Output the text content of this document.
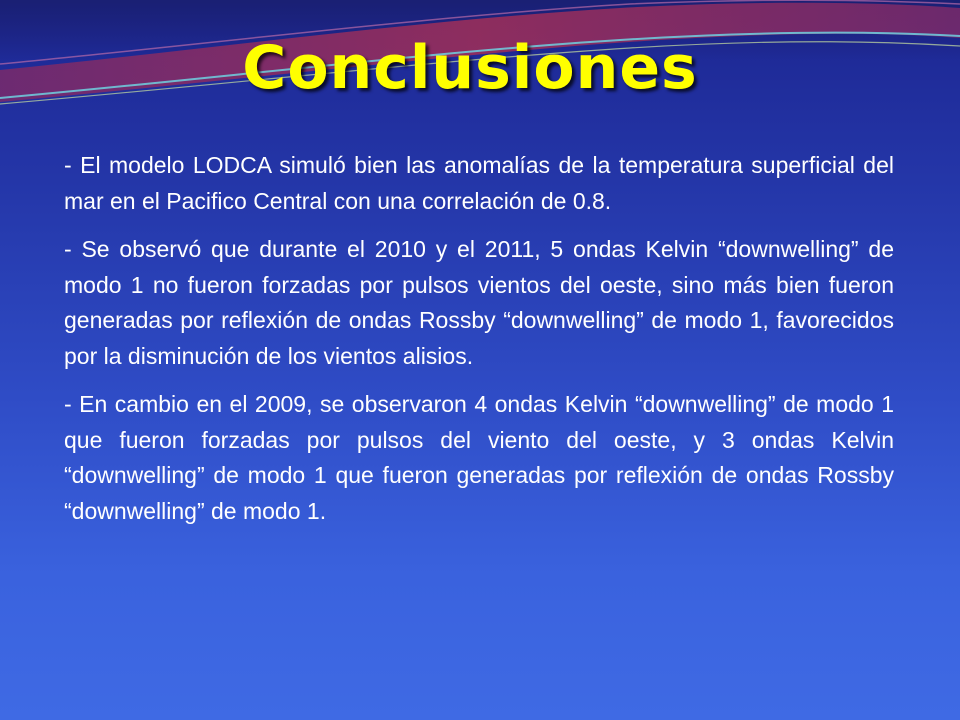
Conclusiones

- El modelo LODCA simuló bien las anomalías de la temperatura superficial del mar en el Pacifico Central con una correlación de 0.8.

- Se observó que durante el 2010 y el 2011, 5 ondas Kelvin “downwelling” de modo 1 no fueron forzadas por pulsos vientos del oeste, sino más bien fueron generadas por reflexión de ondas Rossby “downwelling” de modo 1, favorecidos por la disminución de los vientos alisios.

- En cambio en el 2009, se observaron 4 ondas Kelvin “downwelling” de modo 1 que fueron forzadas por pulsos del viento del oeste, y 3 ondas Kelvin “downwelling” de modo 1 que fueron generadas por reflexión de ondas Rossby “downwelling” de modo 1.
